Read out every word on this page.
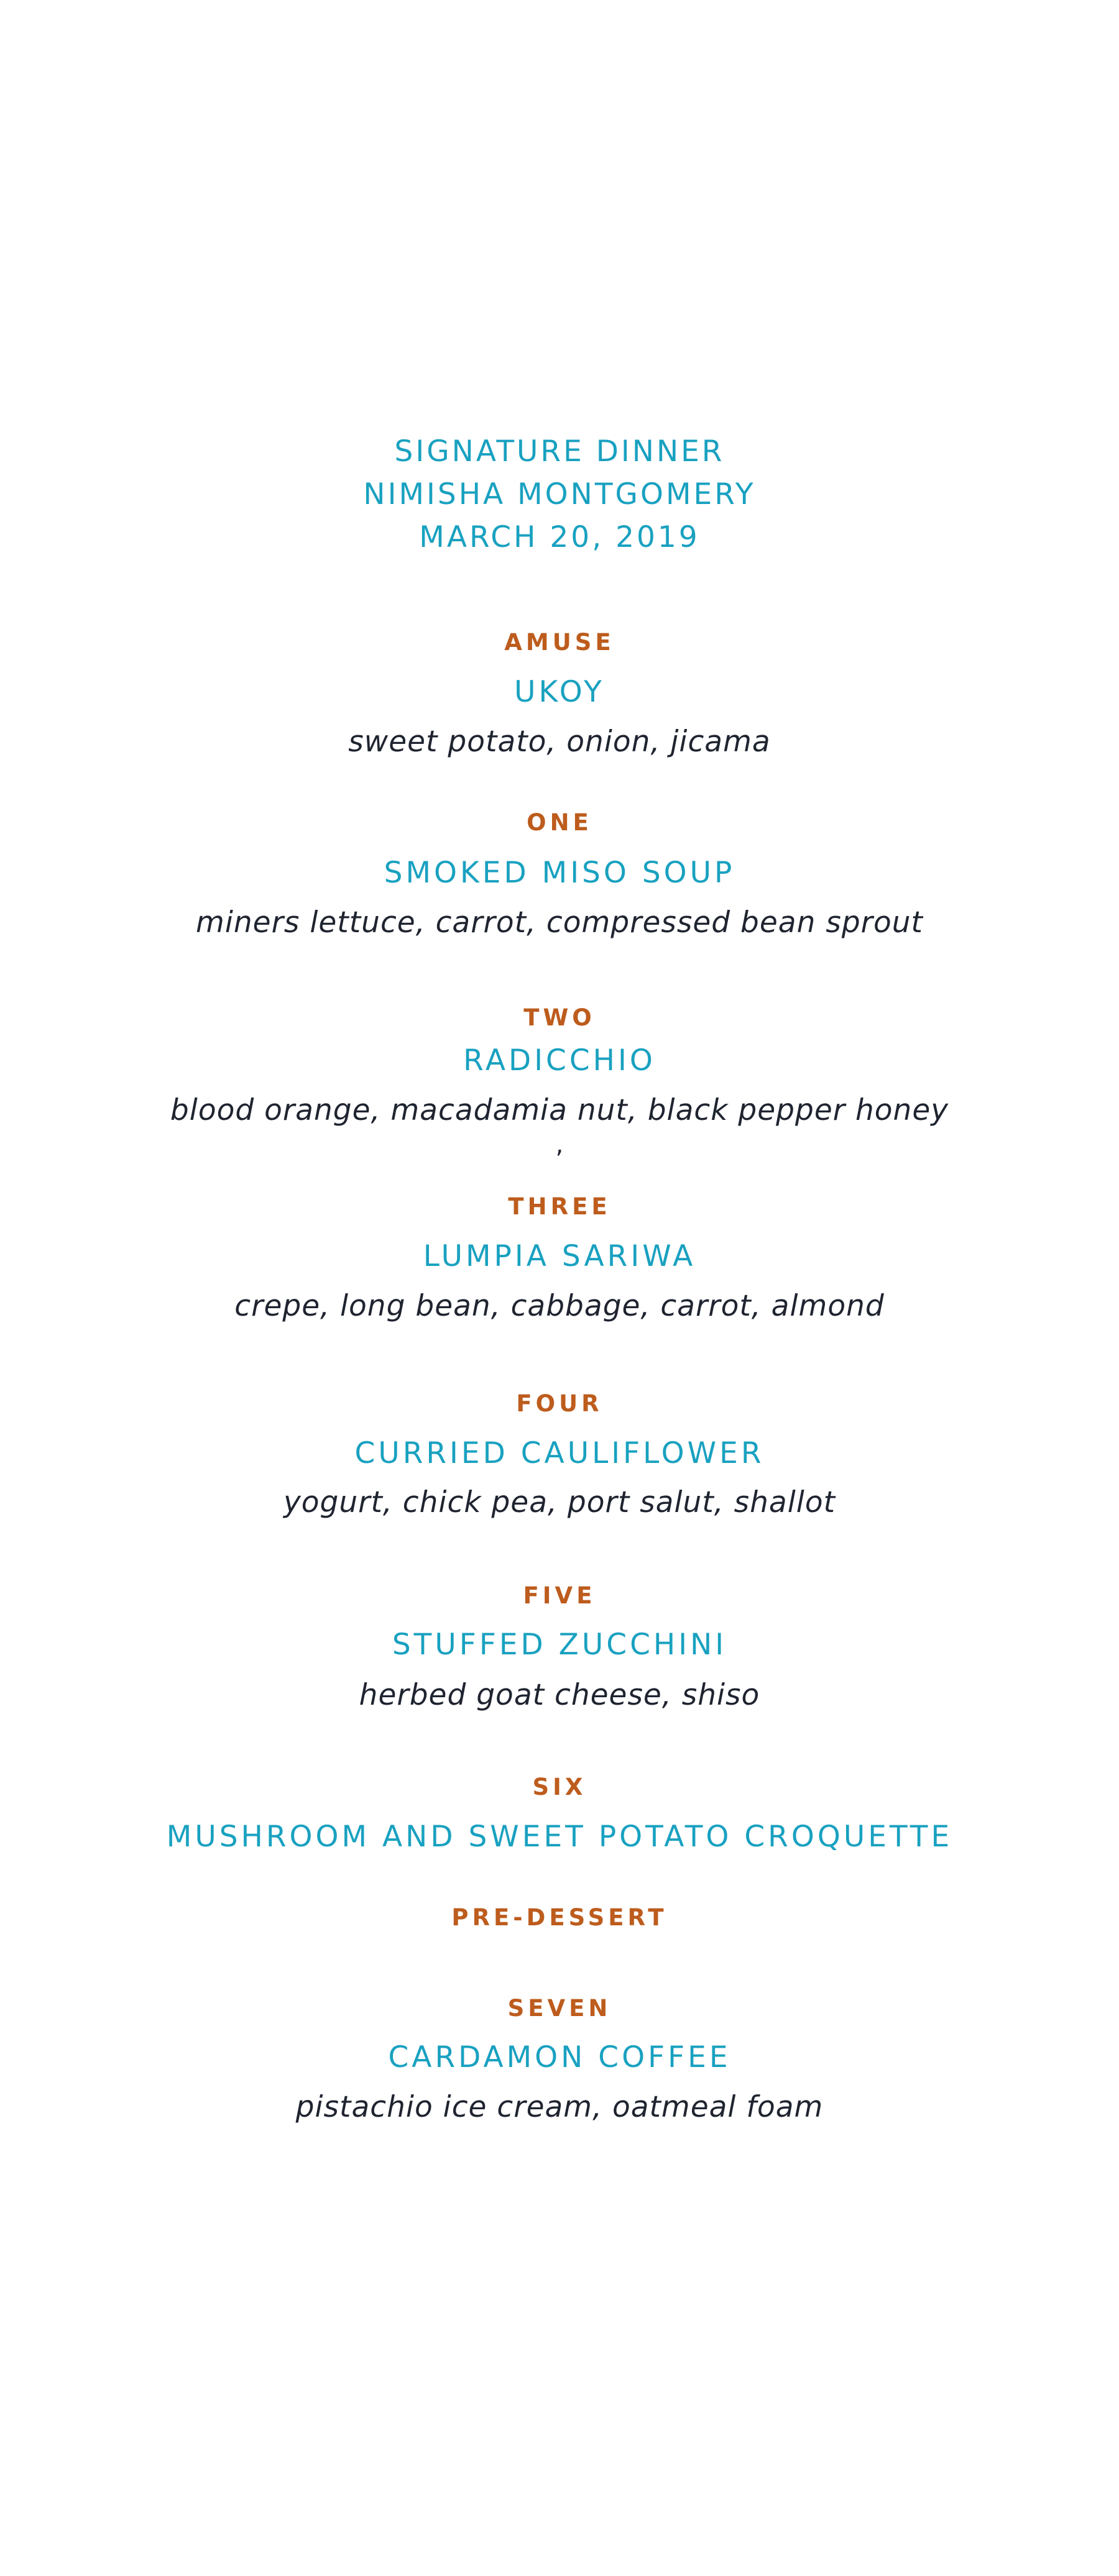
SIGNATURE DINNER
NIMISHA MONTGOMERY
MARCH 20, 2019
AMUSE
UKOY
sweet potato, onion, jicama
ONE
SMOKED MISO SOUP
miners lettuce, carrot, compressed bean sprout
TWO
RADICCHIO
blood orange, macadamia nut, black pepper honey
,
THREE
LUMPIA SARIWA
crepe, long bean, cabbage, carrot, almond
FOUR
CURRIED CAULIFLOWER
yogurt, chick pea, port salut, shallot
FIVE
STUFFED ZUCCHINI
herbed goat cheese, shiso
SIX
MUSHROOM AND SWEET POTATO CROQUETTE
PRE-DESSERT
SEVEN
CARDAMON COFFEE
pistachio ice cream, oatmeal foam
